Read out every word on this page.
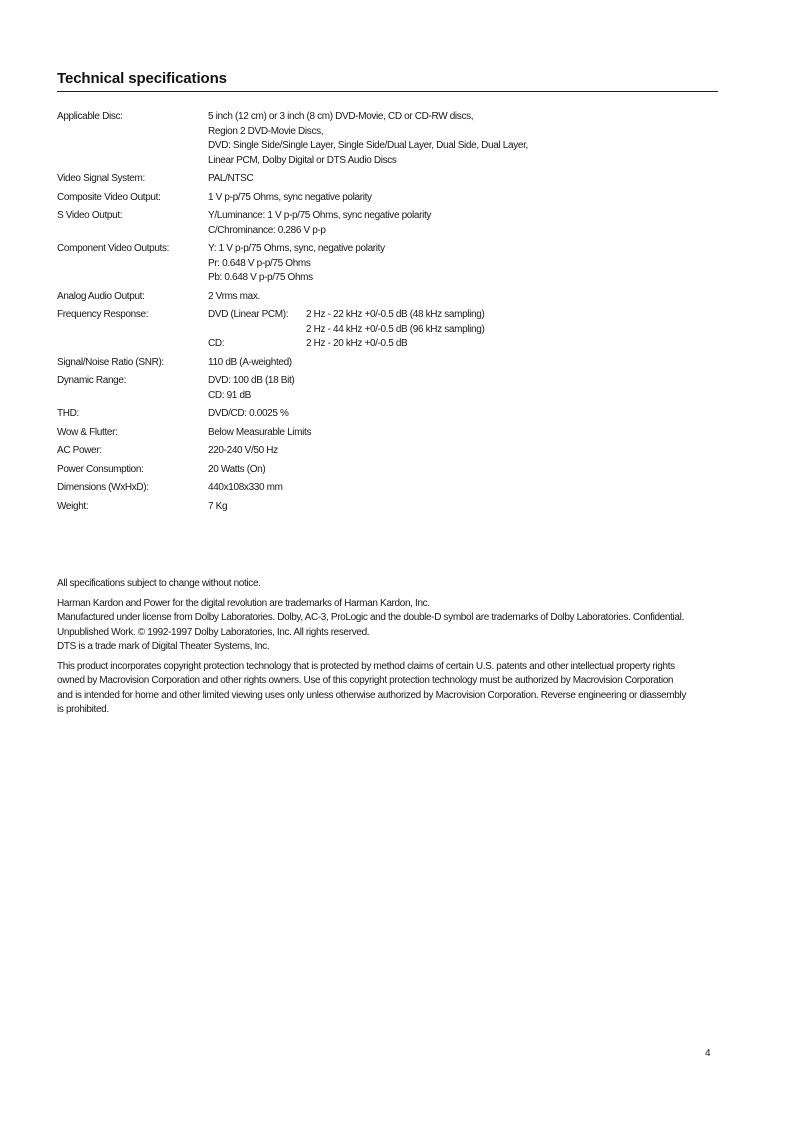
Technical specifications
Applicable Disc:	5 inch (12 cm) or 3 inch (8 cm) DVD-Movie, CD or CD-RW discs,
Region 2 DVD-Movie Discs,
DVD: Single Side/Single Layer, Single Side/Dual Layer, Dual Side, Dual Layer,
Linear PCM, Dolby Digital or DTS Audio Discs
Video Signal System:	PAL/NTSC
Composite Video Output:	1 V p-p/75 Ohms, sync negative polarity
S Video Output:	Y/Luminance: 1 V p-p/75 Ohms, sync negative polarity
C/Chrominance: 0.286 V p-p
Component Video Outputs:	Y: 1 V p-p/75 Ohms, sync, negative polarity
Pr: 0.648 V p-p/75 Ohms
Pb: 0.648 V p-p/75 Ohms
Analog Audio Output:	2 Vrms max.
Frequency Response:	DVD (Linear PCM):	2 Hz - 22 kHz +0/-0.5 dB (48 kHz sampling)
2 Hz - 44 kHz +0/-0.5 dB (96 kHz sampling)
CD:	2 Hz - 20 kHz +0/-0.5 dB
Signal/Noise Ratio (SNR):	110 dB (A-weighted)
Dynamic Range:	DVD: 100 dB (18 Bit)
CD: 91 dB
THD:	DVD/CD: 0.0025 %
Wow & Flutter:	Below Measurable Limits
AC Power:	220-240 V/50 Hz
Power Consumption:	20 Watts (On)
Dimensions (WxHxD):	440x108x330 mm
Weight:	7 Kg

All specifications subject to change without notice.

Harman Kardon and Power for the digital revolution are trademarks of Harman Kardon, Inc.
Manufactured under license from Dolby Laboratories. Dolby, AC-3, ProLogic and the double-D symbol are trademarks of Dolby Laboratories. Confidential.
Unpublished Work. © 1992-1997 Dolby Laboratories, Inc. All rights reserved.
DTS is a trade mark of Digital Theater Systems, Inc.

This product incorporates copyright protection technology that is protected by method claims of certain U.S. patents and other intellectual property rights
owned by Macrovision Corporation and other rights owners. Use of this copyright protection technology must be authorized by Macrovision Corporation
and is intended for home and other limited viewing uses only unless otherwise authorized by Macrovision Corporation. Reverse engineering or diassembly
is prohibited.

4
